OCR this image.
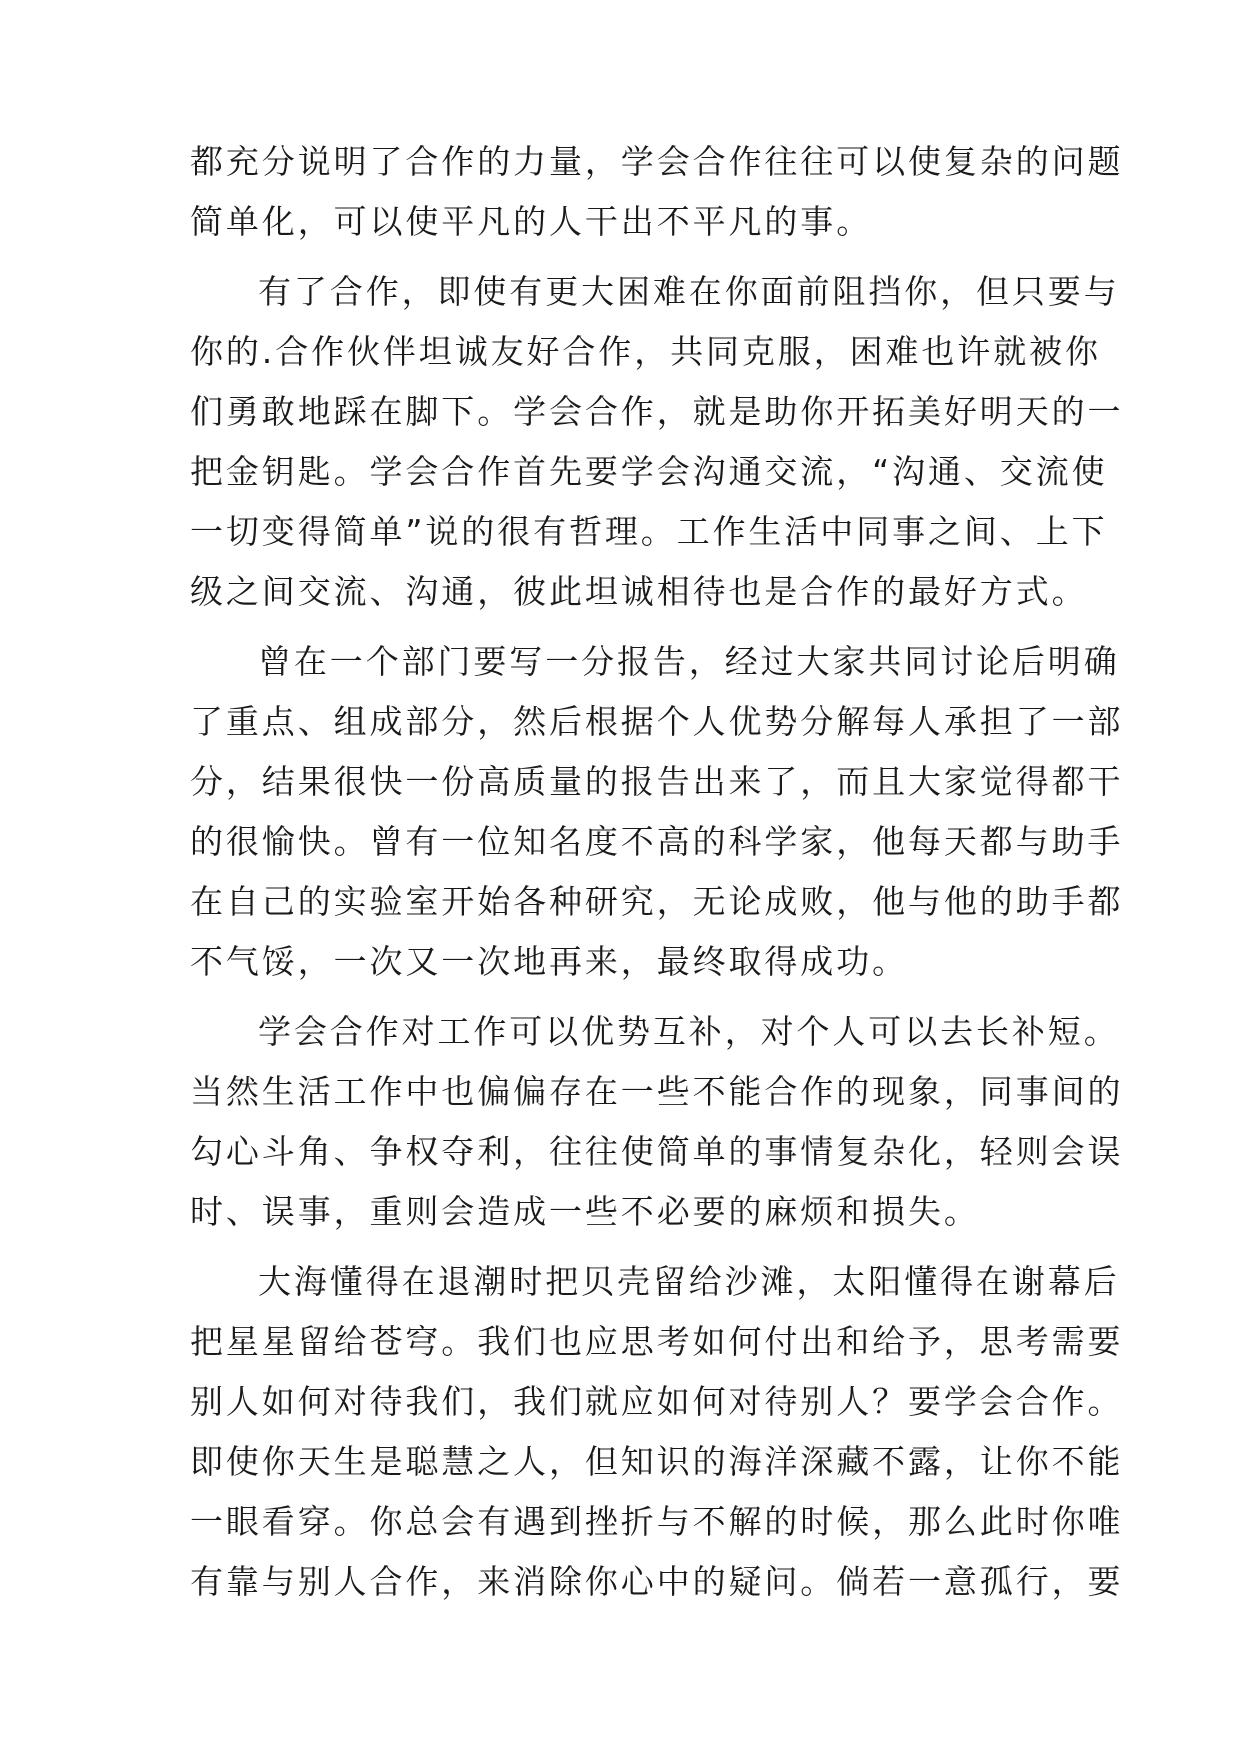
都充分说明了合作的力量，学会合作往往可以使复杂的问题
简单化，可以使平凡的人干出不平凡的事。
有了合作，即使有更大困难在你面前阻挡你，但只要与
你的.合作伙伴坦诚友好合作，共同克服，困难也许就被你
们勇敢地踩在脚下。学会合作，就是助你开拓美好明天的一
把金钥匙。学会合作首先要学会沟通交流，“沟通、交流使
一切变得简单”说的很有哲理。工作生活中同事之间、上下
级之间交流、沟通，彼此坦诚相待也是合作的最好方式。
曾在一个部门要写一分报告，经过大家共同讨论后明确
了重点、组成部分，然后根据个人优势分解每人承担了一部
分，结果很快一份高质量的报告出来了，而且大家觉得都干
的很愉快。曾有一位知名度不高的科学家，他每天都与助手
在自己的实验室开始各种研究，无论成败，他与他的助手都
不气馁，一次又一次地再来，最终取得成功。
学会合作对工作可以优势互补，对个人可以去长补短。
当然生活工作中也偏偏存在一些不能合作的现象，同事间的
勾心斗角、争权夺利，往往使简单的事情复杂化，轻则会误
时、误事，重则会造成一些不必要的麻烦和损失。
大海懂得在退潮时把贝壳留给沙滩，太阳懂得在谢幕后
把星星留给苍穹。我们也应思考如何付出和给予，思考需要
别人如何对待我们，我们就应如何对待别人？要学会合作。
即使你天生是聪慧之人，但知识的海洋深藏不露，让你不能
一眼看穿。你总会有遇到挫折与不解的时候，那么此时你唯
有靠与别人合作，来消除你心中的疑问。倘若一意孤行，要
